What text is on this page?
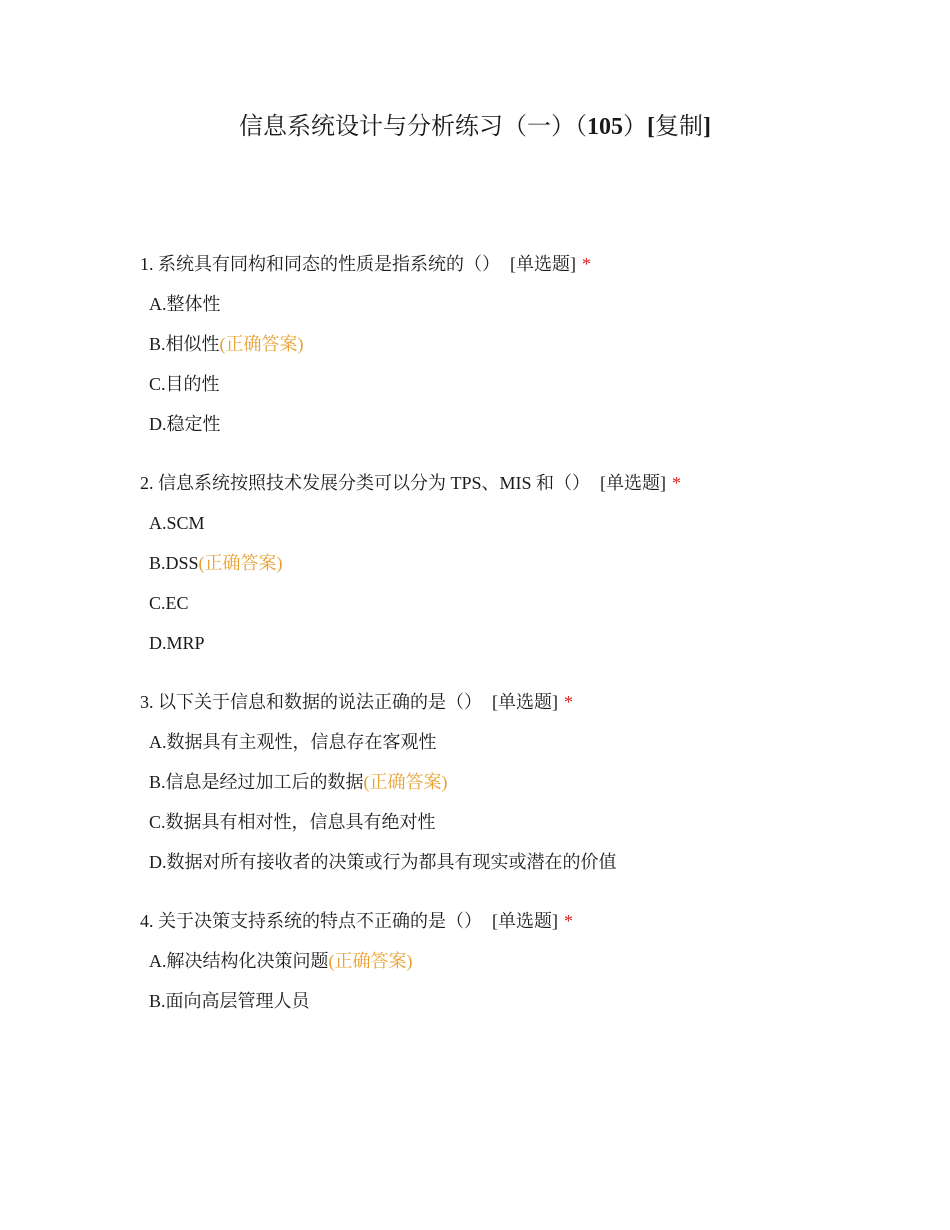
信息系统设计与分析练习（一）（105）[复制]
1. 系统具有同构和同态的性质是指系统的（） [单选题] *
A.整体性
B.相似性(正确答案)
C.目的性
D.稳定性
2. 信息系统按照技术发展分类可以分为 TPS、MIS 和（） [单选题] *
A.SCM
B.DSS(正确答案)
C.EC
D.MRP
3. 以下关于信息和数据的说法正确的是（） [单选题] *
A.数据具有主观性，信息存在客观性
B.信息是经过加工后的数据(正确答案)
C.数据具有相对性，信息具有绝对性
D.数据对所有接收者的决策或行为都具有现实或潜在的价值
4. 关于决策支持系统的特点不正确的是（） [单选题] *
A.解决结构化决策问题(正确答案)
B.面向高层管理人员
